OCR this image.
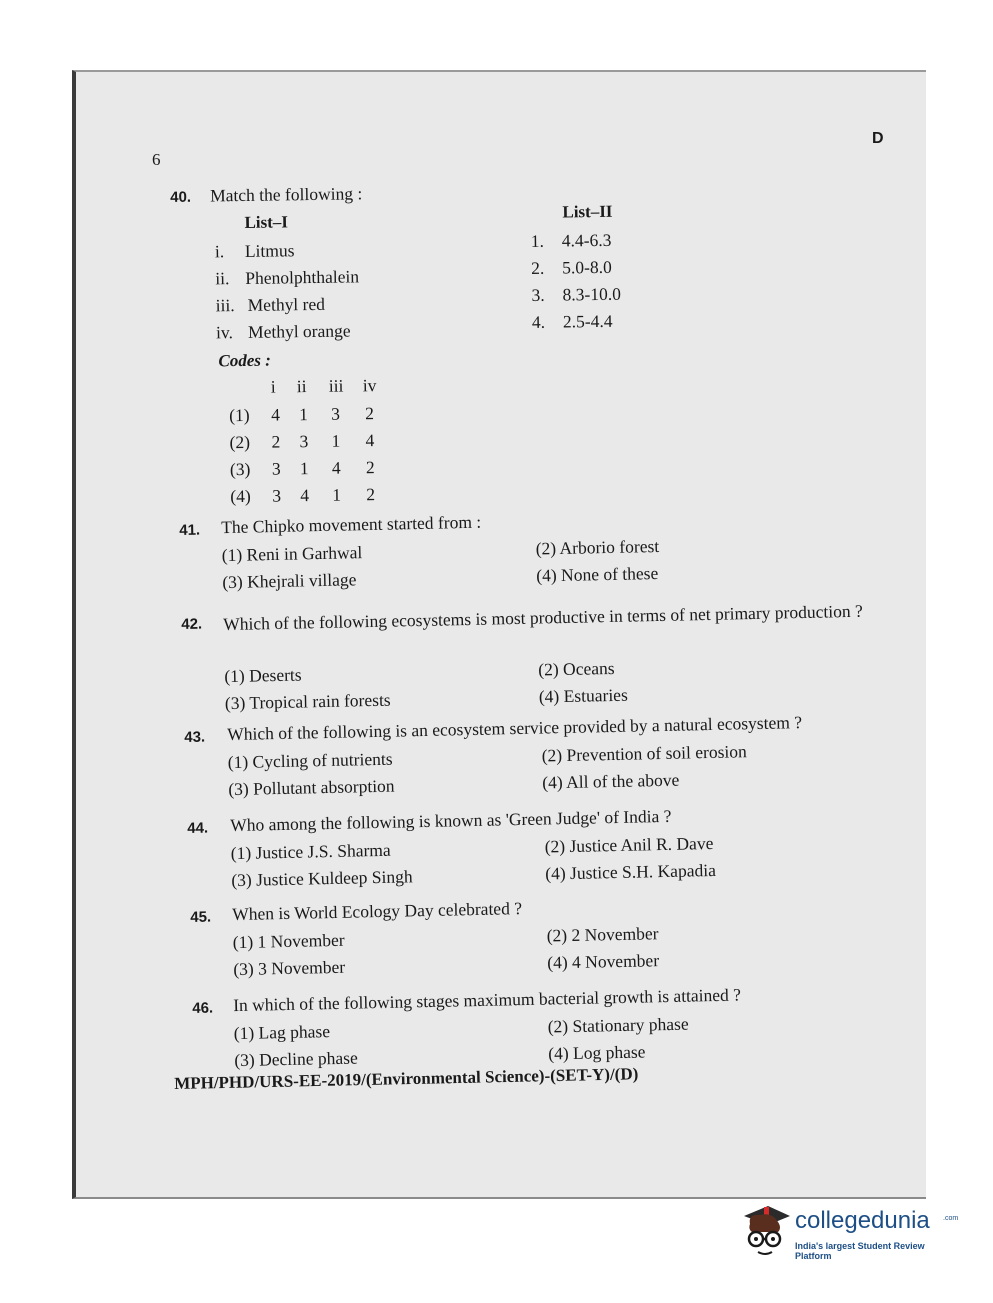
6
D
40. Match the following :
List–I
List–II
i. Litmus
ii. Phenolphthalein
iii. Methyl red
iv. Methyl orange
1. 4.4-6.3
2. 5.0-8.0
3. 8.3-10.0
4. 2.5-4.4
Codes :
i ii iii iv
(1) 4 1 3 2
(2) 2 3 1 4
(3) 3 1 4 2
(4) 3 4 1 2
41. The Chipko movement started from :
(1) Reni in Garhwal	(2) Arborio forest
(3) Khejrali village	(4) None of these
42. Which of the following ecosystems is most productive in terms of net primary production ?
(1) Deserts	(2) Oceans
(3) Tropical rain forests	(4) Estuaries
43. Which of the following is an ecosystem service provided by a natural ecosystem ?
(1) Cycling of nutrients	(2) Prevention of soil erosion
(3) Pollutant absorption	(4) All of the above
44. Who among the following is known as 'Green Judge' of India ?
(1) Justice J.S. Sharma	(2) Justice Anil R. Dave
(3) Justice Kuldeep Singh	(4) Justice S.H. Kapadia
45. When is World Ecology Day celebrated ?
(1) 1 November	(2) 2 November
(3) 3 November	(4) 4 November
46. In which of the following stages maximum bacterial growth is attained ?
(1) Lag phase	(2) Stationary phase
(3) Decline phase	(4) Log phase
MPH/PHD/URS-EE-2019/(Environmental Science)-(SET-Y)/(D)
collegedunia .com
India's largest Student Review Platform
